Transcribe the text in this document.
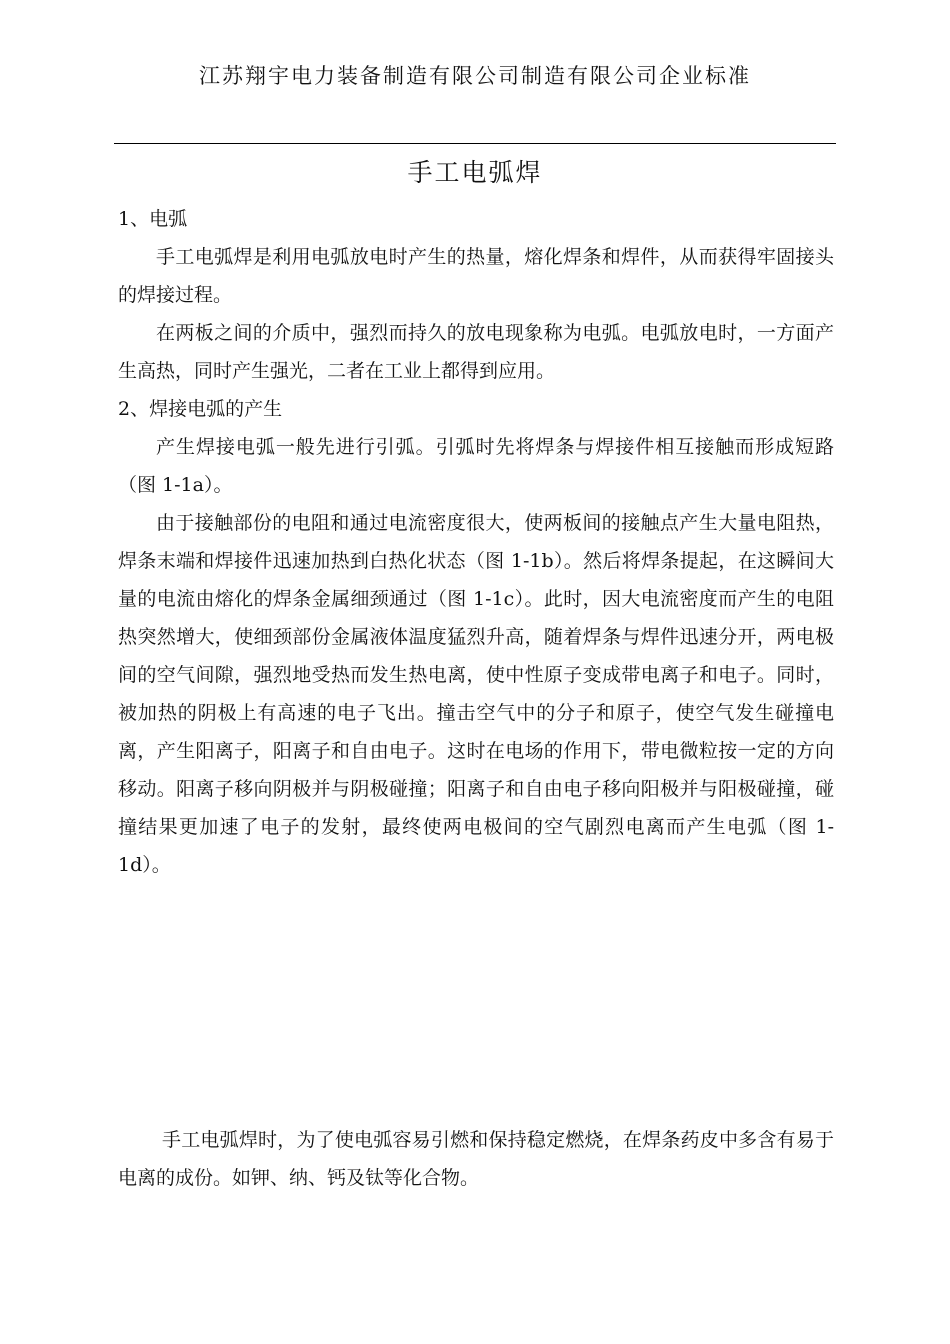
江苏翔宇电力装备制造有限公司制造有限公司企业标准
手工电弧焊

1、电弧

手工电弧焊是利用电弧放电时产生的热量，熔化焊条和焊件，从而获得牢固接头的焊接过程。

在两板之间的介质中，强烈而持久的放电现象称为电弧。电弧放电时，一方面产生高热，同时产生强光，二者在工业上都得到应用。

2、焊接电弧的产生

产生焊接电弧一般先进行引弧。引弧时先将焊条与焊接件相互接触而形成短路（图 1-1a）。

由于接触部份的电阻和通过电流密度很大，使两板间的接触点产生大量电阻热，焊条末端和焊接件迅速加热到白热化状态（图 1-1b）。然后将焊条提起，在这瞬间大量的电流由熔化的焊条金属细颈通过（图 1-1c）。此时，因大电流密度而产生的电阻热突然增大，使细颈部份金属液体温度猛烈升高，随着焊条与焊件迅速分开，两电极间的空气间隙，强烈地受热而发生热电离，使中性原子变成带电离子和电子。同时，被加热的阴极上有高速的电子飞出。撞击空气中的分子和原子，使空气发生碰撞电离，产生阳离子，阳离子和自由电子。这时在电场的作用下，带电微粒按一定的方向移动。阳离子移向阴极并与阴极碰撞；阳离子和自由电子移向阳极并与阳极碰撞，碰撞结果更加速了电子的发射，最终使两电极间的空气剧烈电离而产生电弧（图 1-1d）。

手工电弧焊时，为了使电弧容易引燃和保持稳定燃烧，在焊条药皮中多含有易于电离的成份。如钾、纳、钙及钛等化合物。
